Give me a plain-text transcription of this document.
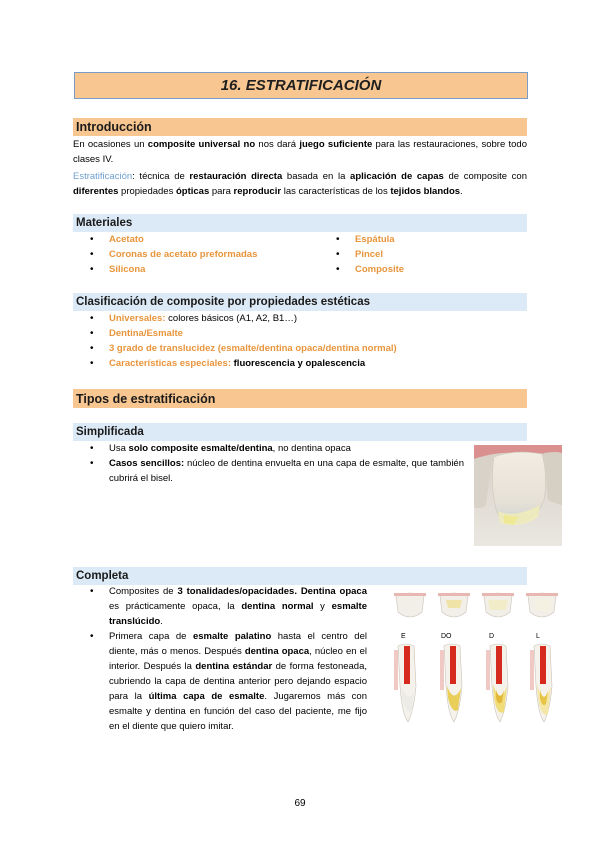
16. ESTRATIFICACIÓN
Introducción
En ocasiones un composite universal no nos dará juego suficiente para las restauraciones, sobre todo clases IV.
Estratificación: técnica de restauración directa basada en la aplicación de capas de composite con diferentes propiedades ópticas para reproducir las características de los tejidos blandos.
Materiales
• Acetato
• Coronas de acetato preformadas
• Silicona
• Espátula
• Pincel
• Composite
Clasificación de composite por propiedades estéticas
• Universales: colores básicos (A1, A2, B1…)
• Dentina/Esmalte
• 3 grado de translucidez (esmalte/dentina opaca/dentina normal)
• Características especiales: fluorescencia y opalescencia
Tipos de estratificación
Simplificada
• Usa solo composite esmalte/dentina, no dentina opaca
• Casos sencillos: núcleo de dentina envuelta en una capa de esmalte, que también cubrirá el bisel.
Completa
• Composites de 3 tonalidades/opacidades. Dentina opaca es prácticamente opaca, la dentina normal y esmalte translúcido.
• Primera capa de esmalte palatino hasta el centro del diente, más o menos. Después dentina opaca, núcleo en el interior. Después la dentina estándar de forma festoneada, cubriendo la capa de dentina anterior pero dejando espacio para la última capa de esmalte. Jugaremos más con esmalte y dentina en función del caso del paciente, me fijo en el diente que quiero imitar.
E	DO	D	L
69
